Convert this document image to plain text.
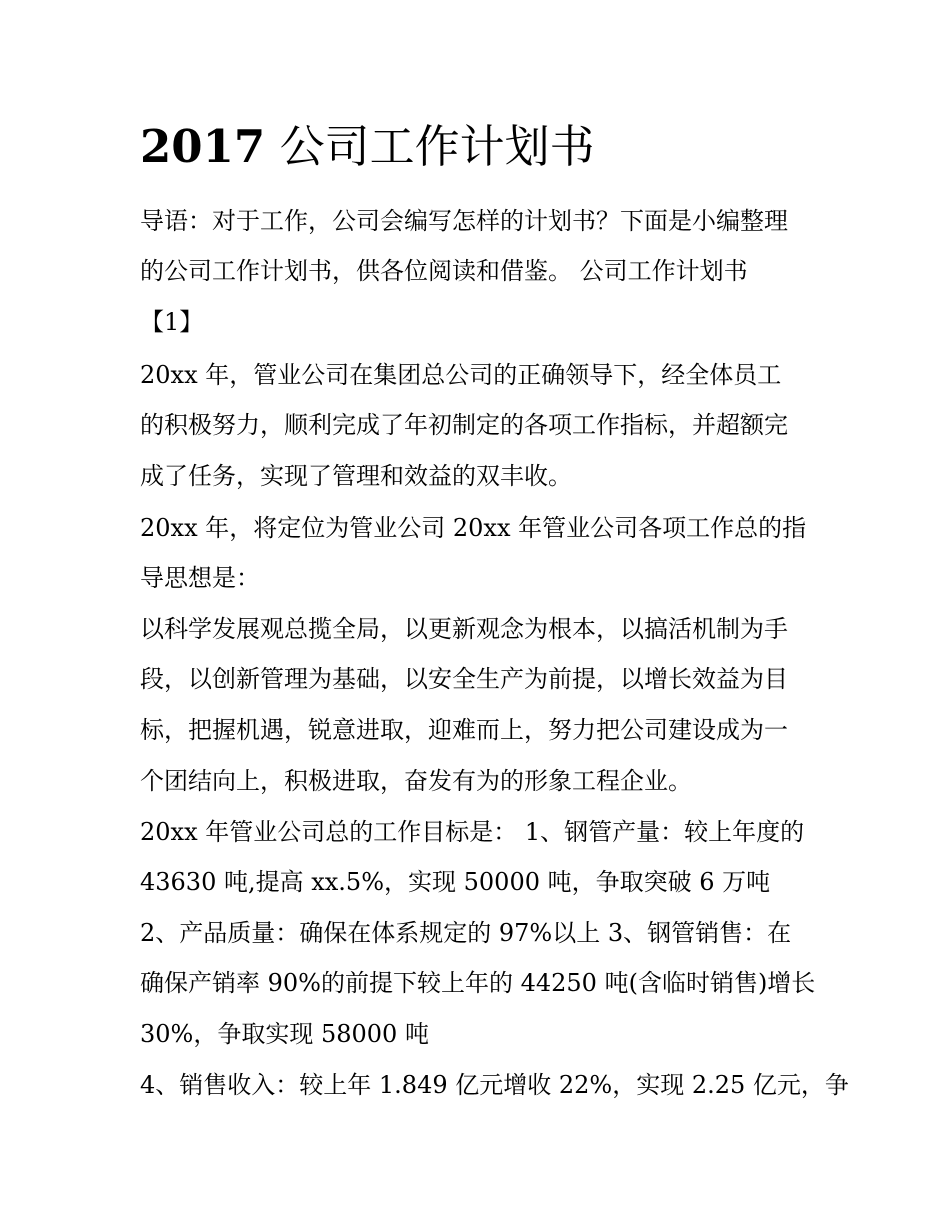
2017 公司工作计划书

导语：对于工作，公司会编写怎样的计划书？下面是小编整理

的公司工作计划书，供各位阅读和借鉴。 公司工作计划书

【1】

20xx 年，管业公司在集团总公司的正确领导下，经全体员工

的积极努力，顺利完成了年初制定的各项工作指标，并超额完

成了任务，实现了管理和效益的双丰收。

20xx 年，将定位为管业公司 20xx 年管业公司各项工作总的指

导思想是：

以科学发展观总揽全局，以更新观念为根本，以搞活机制为手

段，以创新管理为基础，以安全生产为前提，以增长效益为目

标，把握机遇，锐意进取，迎难而上，努力把公司建设成为一

个团结向上，积极进取，奋发有为的形象工程企业。

20xx 年管业公司总的工作目标是： 1、钢管产量：较上年度的

43630 吨,提高 xx.5%，实现 50000 吨，争取突破 6 万吨

2、产品质量：确保在体系规定的 97%以上 3、钢管销售：在

确保产销率 90%的前提下较上年的 44250 吨(含临时销售)增长

30%，争取实现 58000 吨

4、销售收入：较上年 1.849 亿元增收 22%，实现 2.25 亿元，争
